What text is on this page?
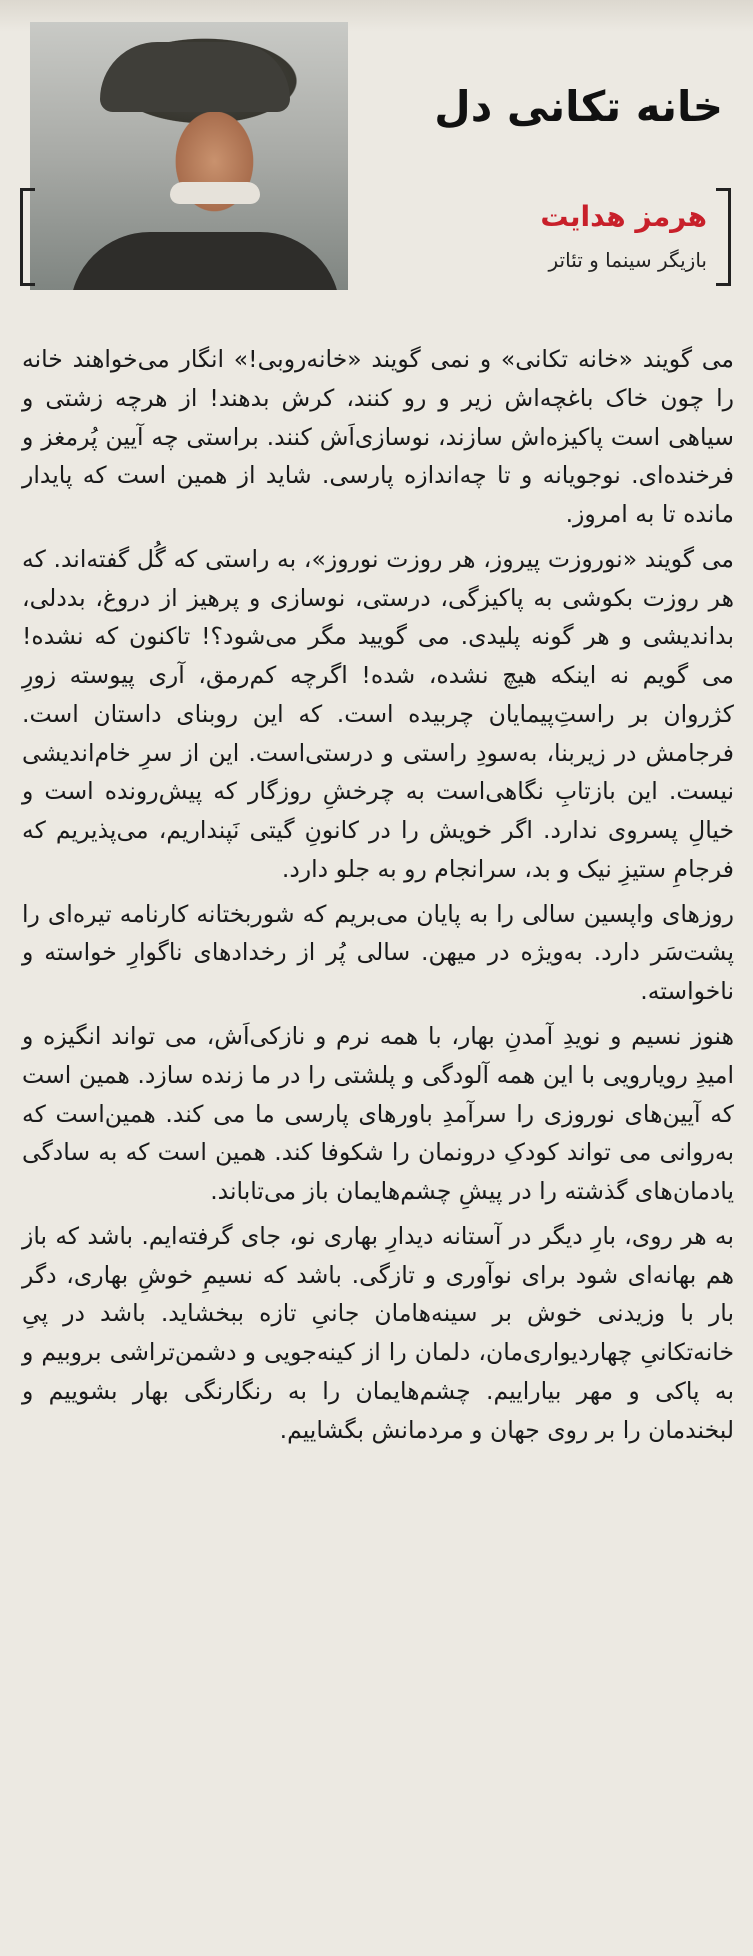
خانه تکانی دل
هرمز هدایت
بازیگر سینما و تئاتر

می گویند «خانه تکانی» و نمی گویند «خانه‌روبی!» انگار می‌خواهند خانه را چون خاک باغچه‌اش زیر و رو کنند، کرش بدهند! از هرچه زشتی و سیاهی است پاکیزه‌اش سازند، نوسازی‌اَش کنند. براستی چه آیین پُرمغز و فرخنده‌ای. نوجویانه و تا چه‌اندازه پارسی. شاید از همین است که پایدار مانده تا به امروز.

می گویند «نوروزت پیروز، هر روزت نوروز»، به راستی که گُل گفته‌اند. که هر روزت بکوشی به پاکیزگی، درستی، نوسازی و پرهیز از دروغ، بددلی، بداندیشی و هر گونه پلیدی. می گویید مگر می‌شود؟! تاکنون که نشده! می گویم نه اینکه هیچ نشده، شده! اگرچه کم‌رمق، آری پیوسته زورِ کژروان بر راستِ‌پیمایان چربیده است. که این روبنای داستان است. فرجامش در زیربنا، به‌سودِ راستی و درستی‌است. این از سرِ خام‌اندیشی نیست. این بازتابِ نگاهی‌است به چرخشِ روزگار که پیش‌رونده است و خیالِ پسروی ندارد. اگر خویش را در کانونِ گیتی نَپنداریم، می‌پذیریم که فرجامِ ستیزِ نیک و بد، سرانجام رو به جلو دارد.

روزهای واپسین سالی را به پایان می‌بریم که شوربختانه کارنامه تیره‌ای را پشت‌سَر دارد. به‌ویژه در میهن. سالی پُر از رخدادهای ناگوارِ خواسته و ناخواسته.

هنوز نسیم و نویدِ آمدنِ بهار، با همه نرم و نازکی‌اَش، می تواند انگیزه و امیدِ رویارویی با این همه آلودگی و پلشتی را در ما زنده سازد. همین است که آیین‌های نوروزی را سرآمدِ باورهای پارسی ما می کند. همین‌است که به‌روانی می تواند کودکِ درونمان را شکوفا کند. همین است که به سادگی یادمان‌های گذشته را در پیشِ چشم‌هایمان باز می‌تاباند.

به هر روی، بارِ دیگر در آستانه دیدارِ بهاری نو، جای گرفته‌ایم. باشد که باز هم بهانه‌ای شود برای نوآوری و تازگی. باشد که نسیمِ خوشِ بهاری، دگر بار با وزیدنی خوش بر سینه‌هامان جانیِ تازه ببخشاید. باشد در پیِ خانه‌تکانیِ چهاردیواری‌مان، دلمان را از کینه‌جویی و دشمن‌تراشی بروبیم و به پاکی و مهر بیاراییم. چشم‌هایمان را به رنگارنگی بهار بشوییم و لبخندمان را بر روی جهان و مردمانش بگشاییم.
